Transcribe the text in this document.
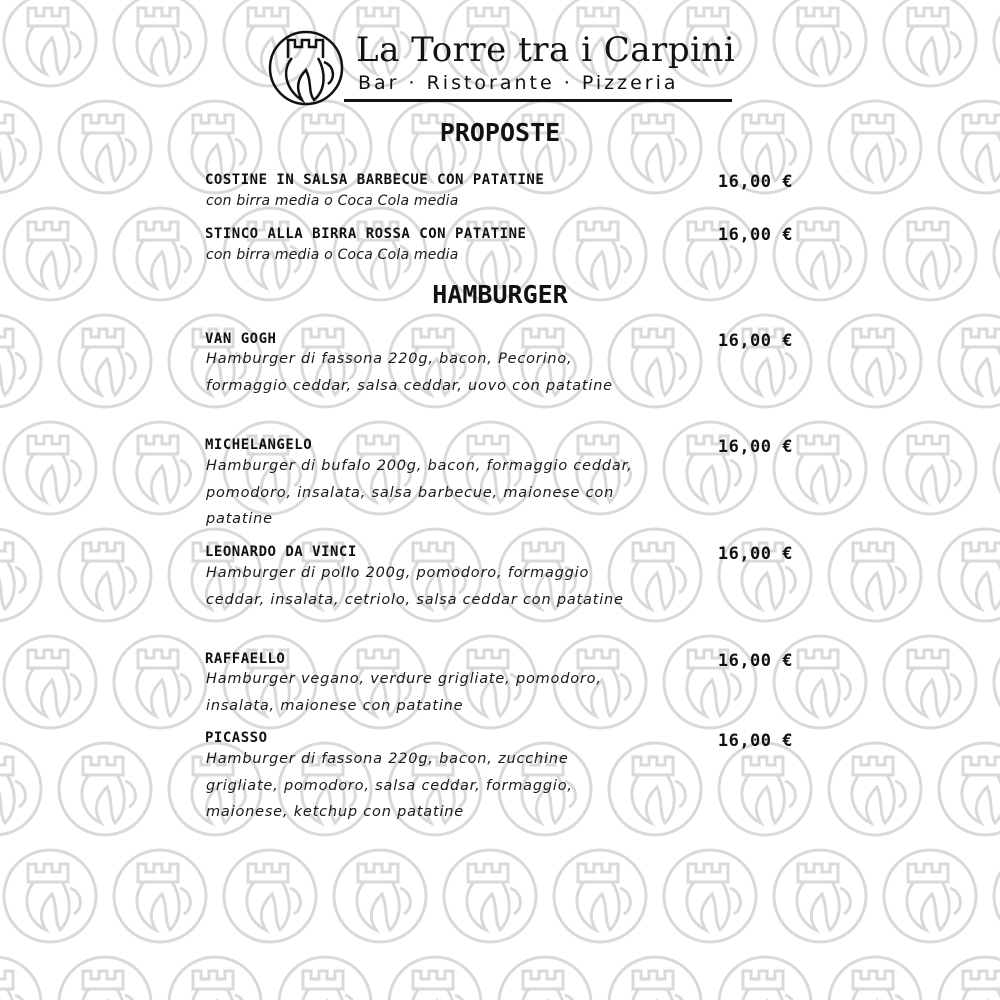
La Torre tra i Carpini
Bar · Ristorante · Pizzeria
PROPOSTE
COSTINE IN SALSA BARBECUE CON PATATINE	16,00 €
con birra media o Coca Cola media
STINCO ALLA BIRRA ROSSA CON PATATINE	16,00 €
con birra media o Coca Cola media
HAMBURGER
VAN GOGH	16,00 €
Hamburger di fassona 220g, bacon, Pecorino, formaggio ceddar, salsa ceddar, uovo con patatine
MICHELANGELO	16,00 €
Hamburger di bufalo 200g, bacon, formaggio ceddar, pomodoro, insalata, salsa barbecue, maionese con patatine
LEONARDO DA VINCI	16,00 €
Hamburger di pollo 200g, pomodoro, formaggio ceddar, insalata, cetriolo, salsa ceddar con patatine
RAFFAELLO	16,00 €
Hamburger vegano, verdure grigliate, pomodoro, insalata, maionese con patatine
PICASSO	16,00 €
Hamburger di fassona 220g, bacon, zucchine grigliate, pomodoro, salsa ceddar, formaggio, maionese, ketchup con patatine
